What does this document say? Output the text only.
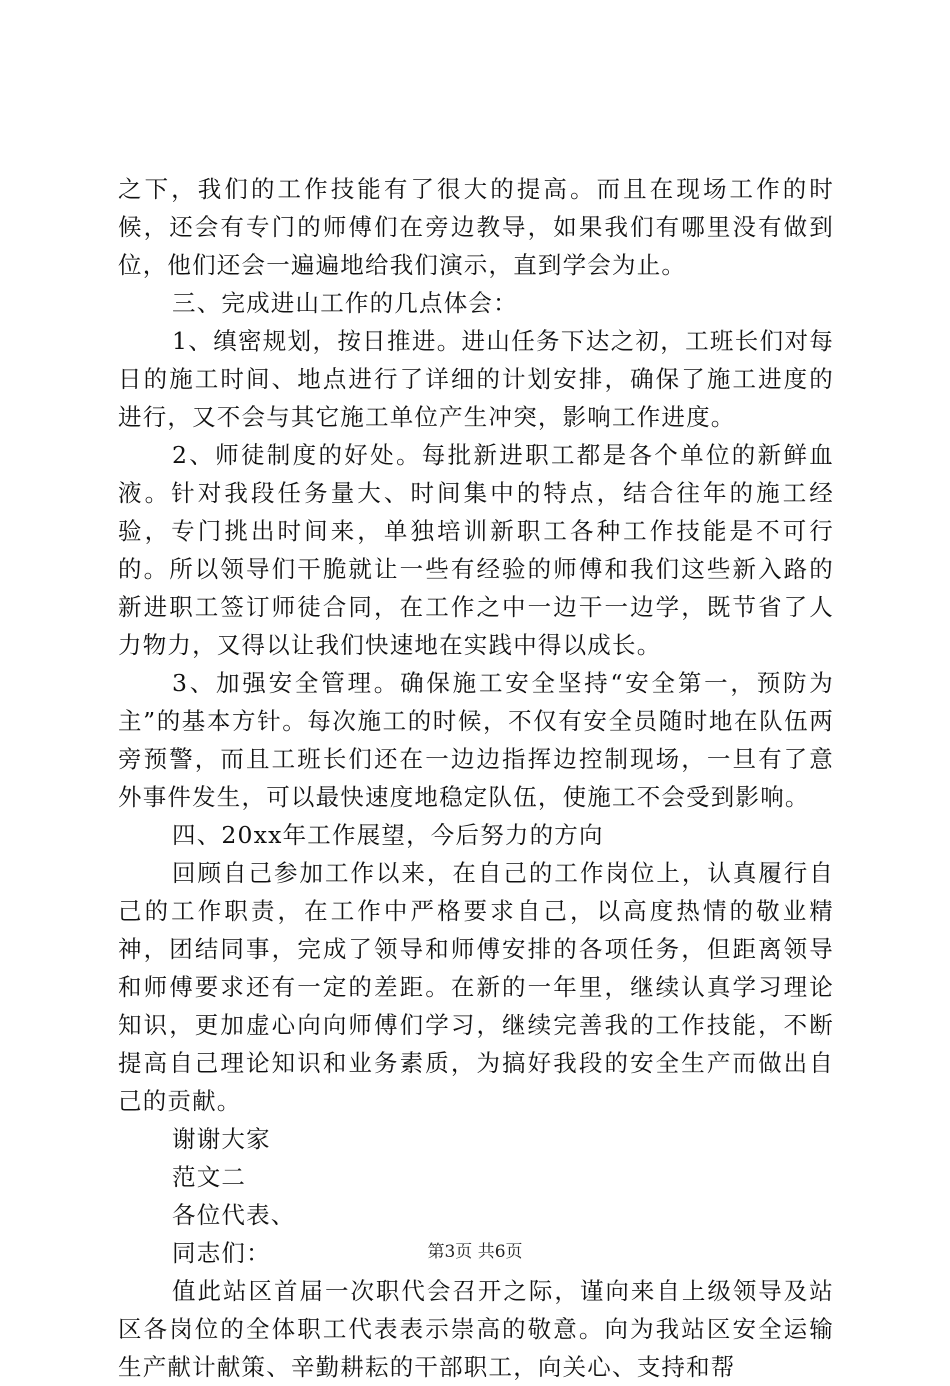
之下，我们的工作技能有了很大的提高。而且在现场工作的时候，还会有专门的师傅们在旁边教导，如果我们有哪里没有做到位，他们还会一遍遍地给我们演示，直到学会为止。

三、完成进山工作的几点体会：

1、缜密规划，按日推进。进山任务下达之初，工班长们对每日的施工时间、地点进行了详细的计划安排，确保了施工进度的进行，又不会与其它施工单位产生冲突，影响工作进度。

2、师徒制度的好处。每批新进职工都是各个单位的新鲜血液。针对我段任务量大、时间集中的特点，结合往年的施工经验，专门挑出时间来，单独培训新职工各种工作技能是不可行的。所以领导们干脆就让一些有经验的师傅和我们这些新入路的新进职工签订师徒合同，在工作之中一边干一边学，既节省了人力物力，又得以让我们快速地在实践中得以成长。

3、加强安全管理。确保施工安全坚持“安全第一，预防为主”的基本方针。每次施工的时候，不仅有安全员随时地在队伍两旁预警，而且工班长们还在一边边指挥边控制现场，一旦有了意外事件发生，可以最快速度地稳定队伍，使施工不会受到影响。

四、20xx年工作展望，今后努力的方向

回顾自己参加工作以来，在自己的工作岗位上，认真履行自己的工作职责，在工作中严格要求自己，以高度热情的敬业精神，团结同事，完成了领导和师傅安排的各项任务，但距离领导和师傅要求还有一定的差距。在新的一年里，继续认真学习理论知识，更加虚心向向师傅们学习，继续完善我的工作技能，不断提高自己理论知识和业务素质，为搞好我段的安全生产而做出自己的贡献。

谢谢大家

范文二

各位代表、

同志们：

值此站区首届一次职代会召开之际，谨向来自上级领导及站区各岗位的全体职工代表表示崇高的敬意。向为我站区安全运输生产献计献策、辛勤耕耘的干部职工，向关心、支持和帮

第3页 共6页
